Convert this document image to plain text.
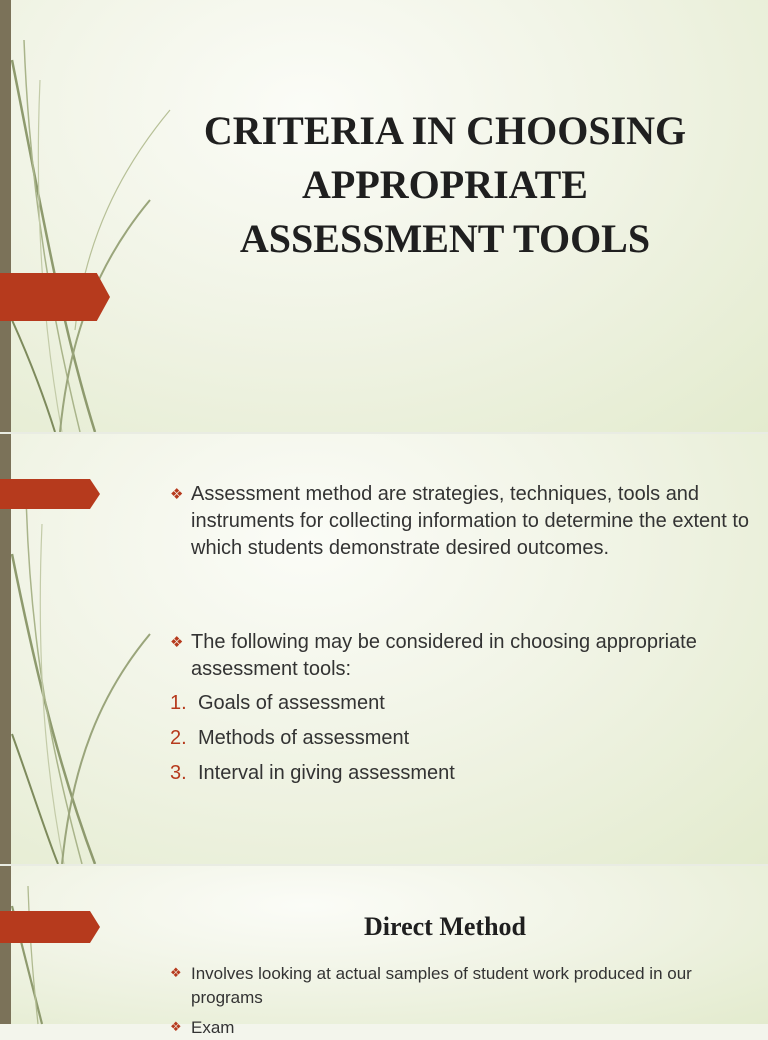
CRITERIA IN CHOOSING
APPROPRIATE
ASSESSMENT TOOLS

❖ Assessment method are strategies, techniques, tools and instruments for collecting information to determine the extent to which students demonstrate desired outcomes.

❖ The following may be considered in choosing appropriate assessment tools:

1. Goals of assessment
2. Methods of assessment
3. Interval in giving assessment
Direct Method

❖ Involves looking at actual samples of student work produced in our programs

❖ Exam
